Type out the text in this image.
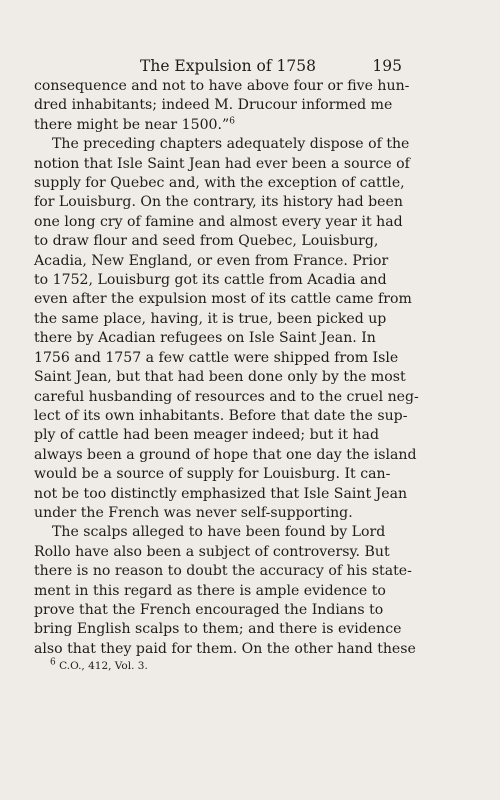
The Expulsion of 1758	195

consequence and not to have above four or five hun-
dred inhabitants; indeed M. Drucour informed me
there might be near 1500.”$^6$

The preceding chapters adequately dispose of the
notion that Isle Saint Jean had ever been a source of
supply for Quebec and, with the exception of cattle,
for Louisburg. On the contrary, its history had been
one long cry of famine and almost every year it had
to draw flour and seed from Quebec, Louisburg,
Acadia, New England, or even from France. Prior
to 1752, Louisburg got its cattle from Acadia and
even after the expulsion most of its cattle came from
the same place, having, it is true, been picked up
there by Acadian refugees on Isle Saint Jean. In
1756 and 1757 a few cattle were shipped from Isle
Saint Jean, but that had been done only by the most
careful husbanding of resources and to the cruel neg-
lect of its own inhabitants. Before that date the sup-
ply of cattle had been meager indeed; but it had
always been a ground of hope that one day the island
would be a source of supply for Louisburg. It can-
not be too distinctly emphasized that Isle Saint Jean
under the French was never self-supporting.

The scalps alleged to have been found by Lord
Rollo have also been a subject of controversy. But
there is no reason to doubt the accuracy of his state-
ment in this regard as there is ample evidence to
prove that the French encouraged the Indians to
bring English scalps to them; and there is evidence
also that they paid for them. On the other hand these

$^6$ C.O., 412, Vol. 3.
